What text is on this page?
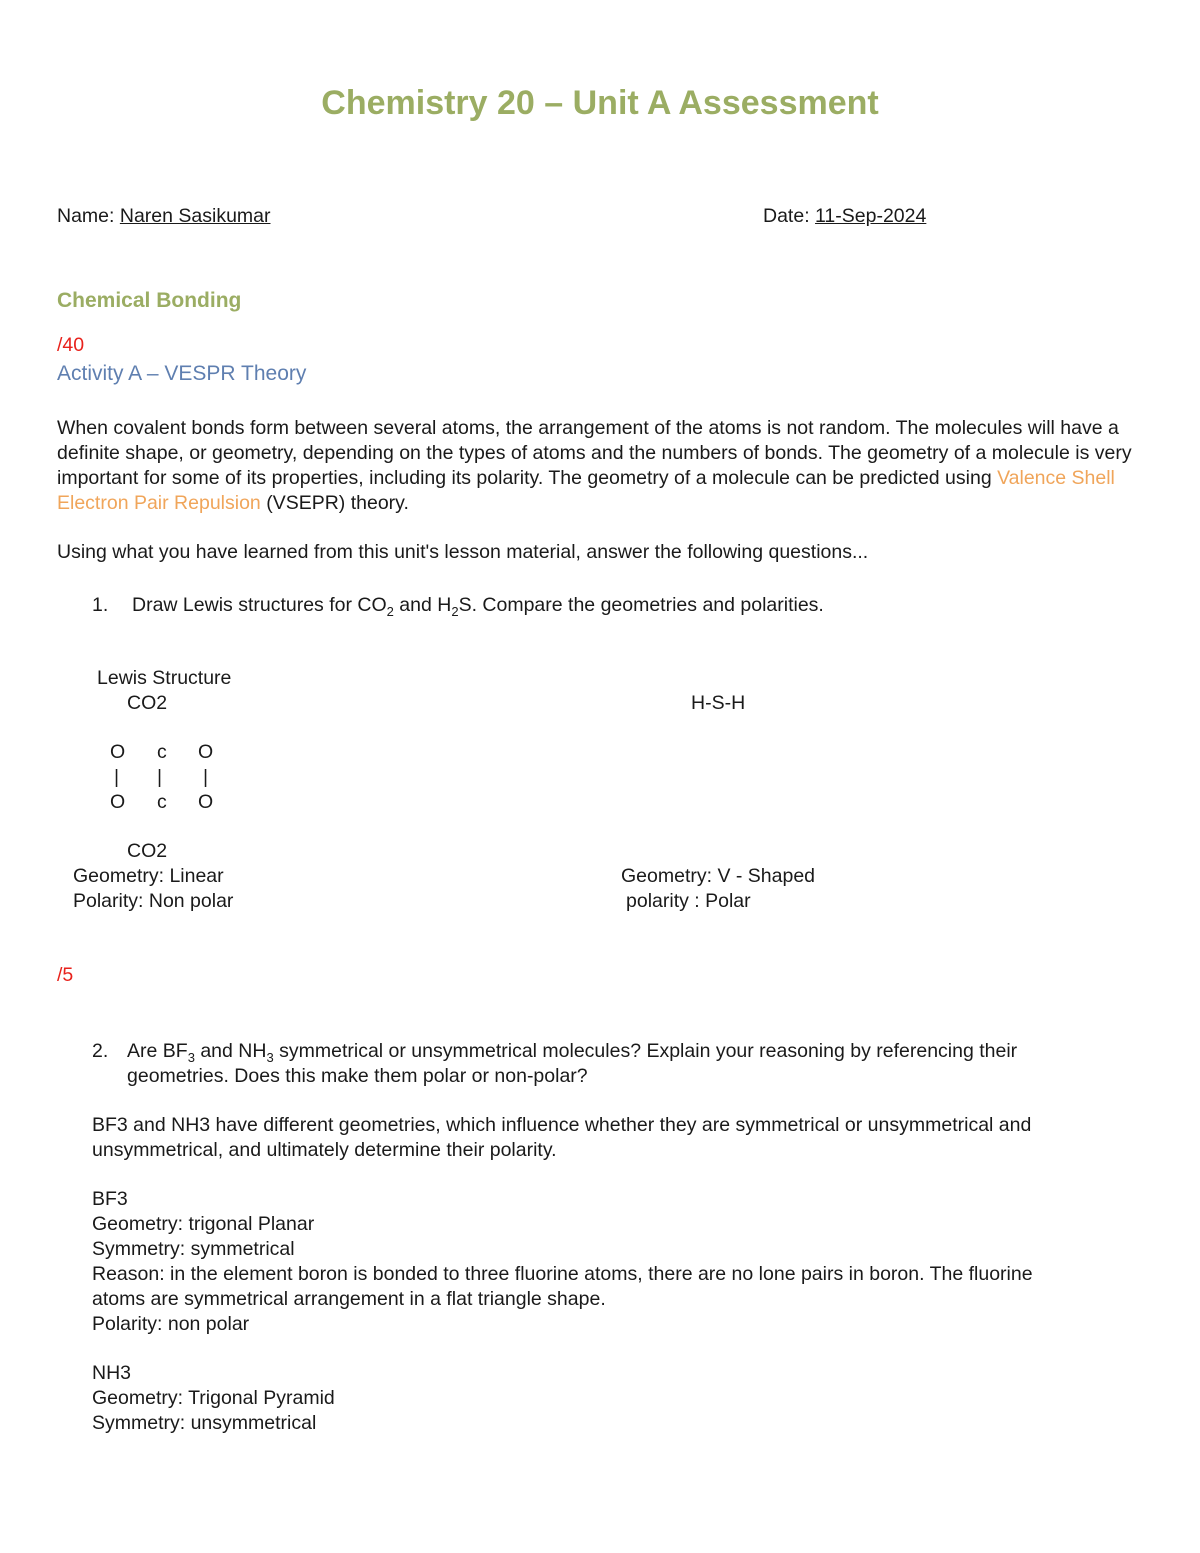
Chemistry 20 – Unit A Assessment
Name: Naren Sasikumar	Date: 11-Sep-2024
Chemical Bonding
/40
Activity A – VESPR Theory
When covalent bonds form between several atoms, the arrangement of the atoms is not random. The molecules will have a definite shape, or geometry, depending on the types of atoms and the numbers of bonds. The geometry of a molecule is very important for some of its properties, including its polarity. The geometry of a molecule can be predicted using Valence Shell Electron Pair Repulsion (VSEPR) theory.
Using what you have learned from this unit's lesson material, answer the following questions...
1. Draw Lewis structures for $CO_2$ and $H_2S$. Compare the geometries and polarities.
Lewis Structure
CO2	H-S-H
O c O
| | |
O c O
CO2
Geometry: Linear
Polarity: Non polar
Geometry: V - Shaped
polarity : Polar
/5
2. Are $BF_3$ and $NH_3$ symmetrical or unsymmetrical molecules? Explain your reasoning by referencing their
geometries. Does this make them polar or non-polar?
BF3 and NH3 have different geometries, which influence whether they are symmetrical or unsymmetrical and
unsymmetrical, and ultimately determine their polarity.
BF3
Geometry: trigonal Planar
Symmetry: symmetrical
Reason: in the element boron is bonded to three fluorine atoms, there are no lone pairs in boron. The fluorine
atoms are symmetrical arrangement in a flat triangle shape.
Polarity: non polar
NH3
Geometry: Trigonal Pyramid
Symmetry: unsymmetrical
